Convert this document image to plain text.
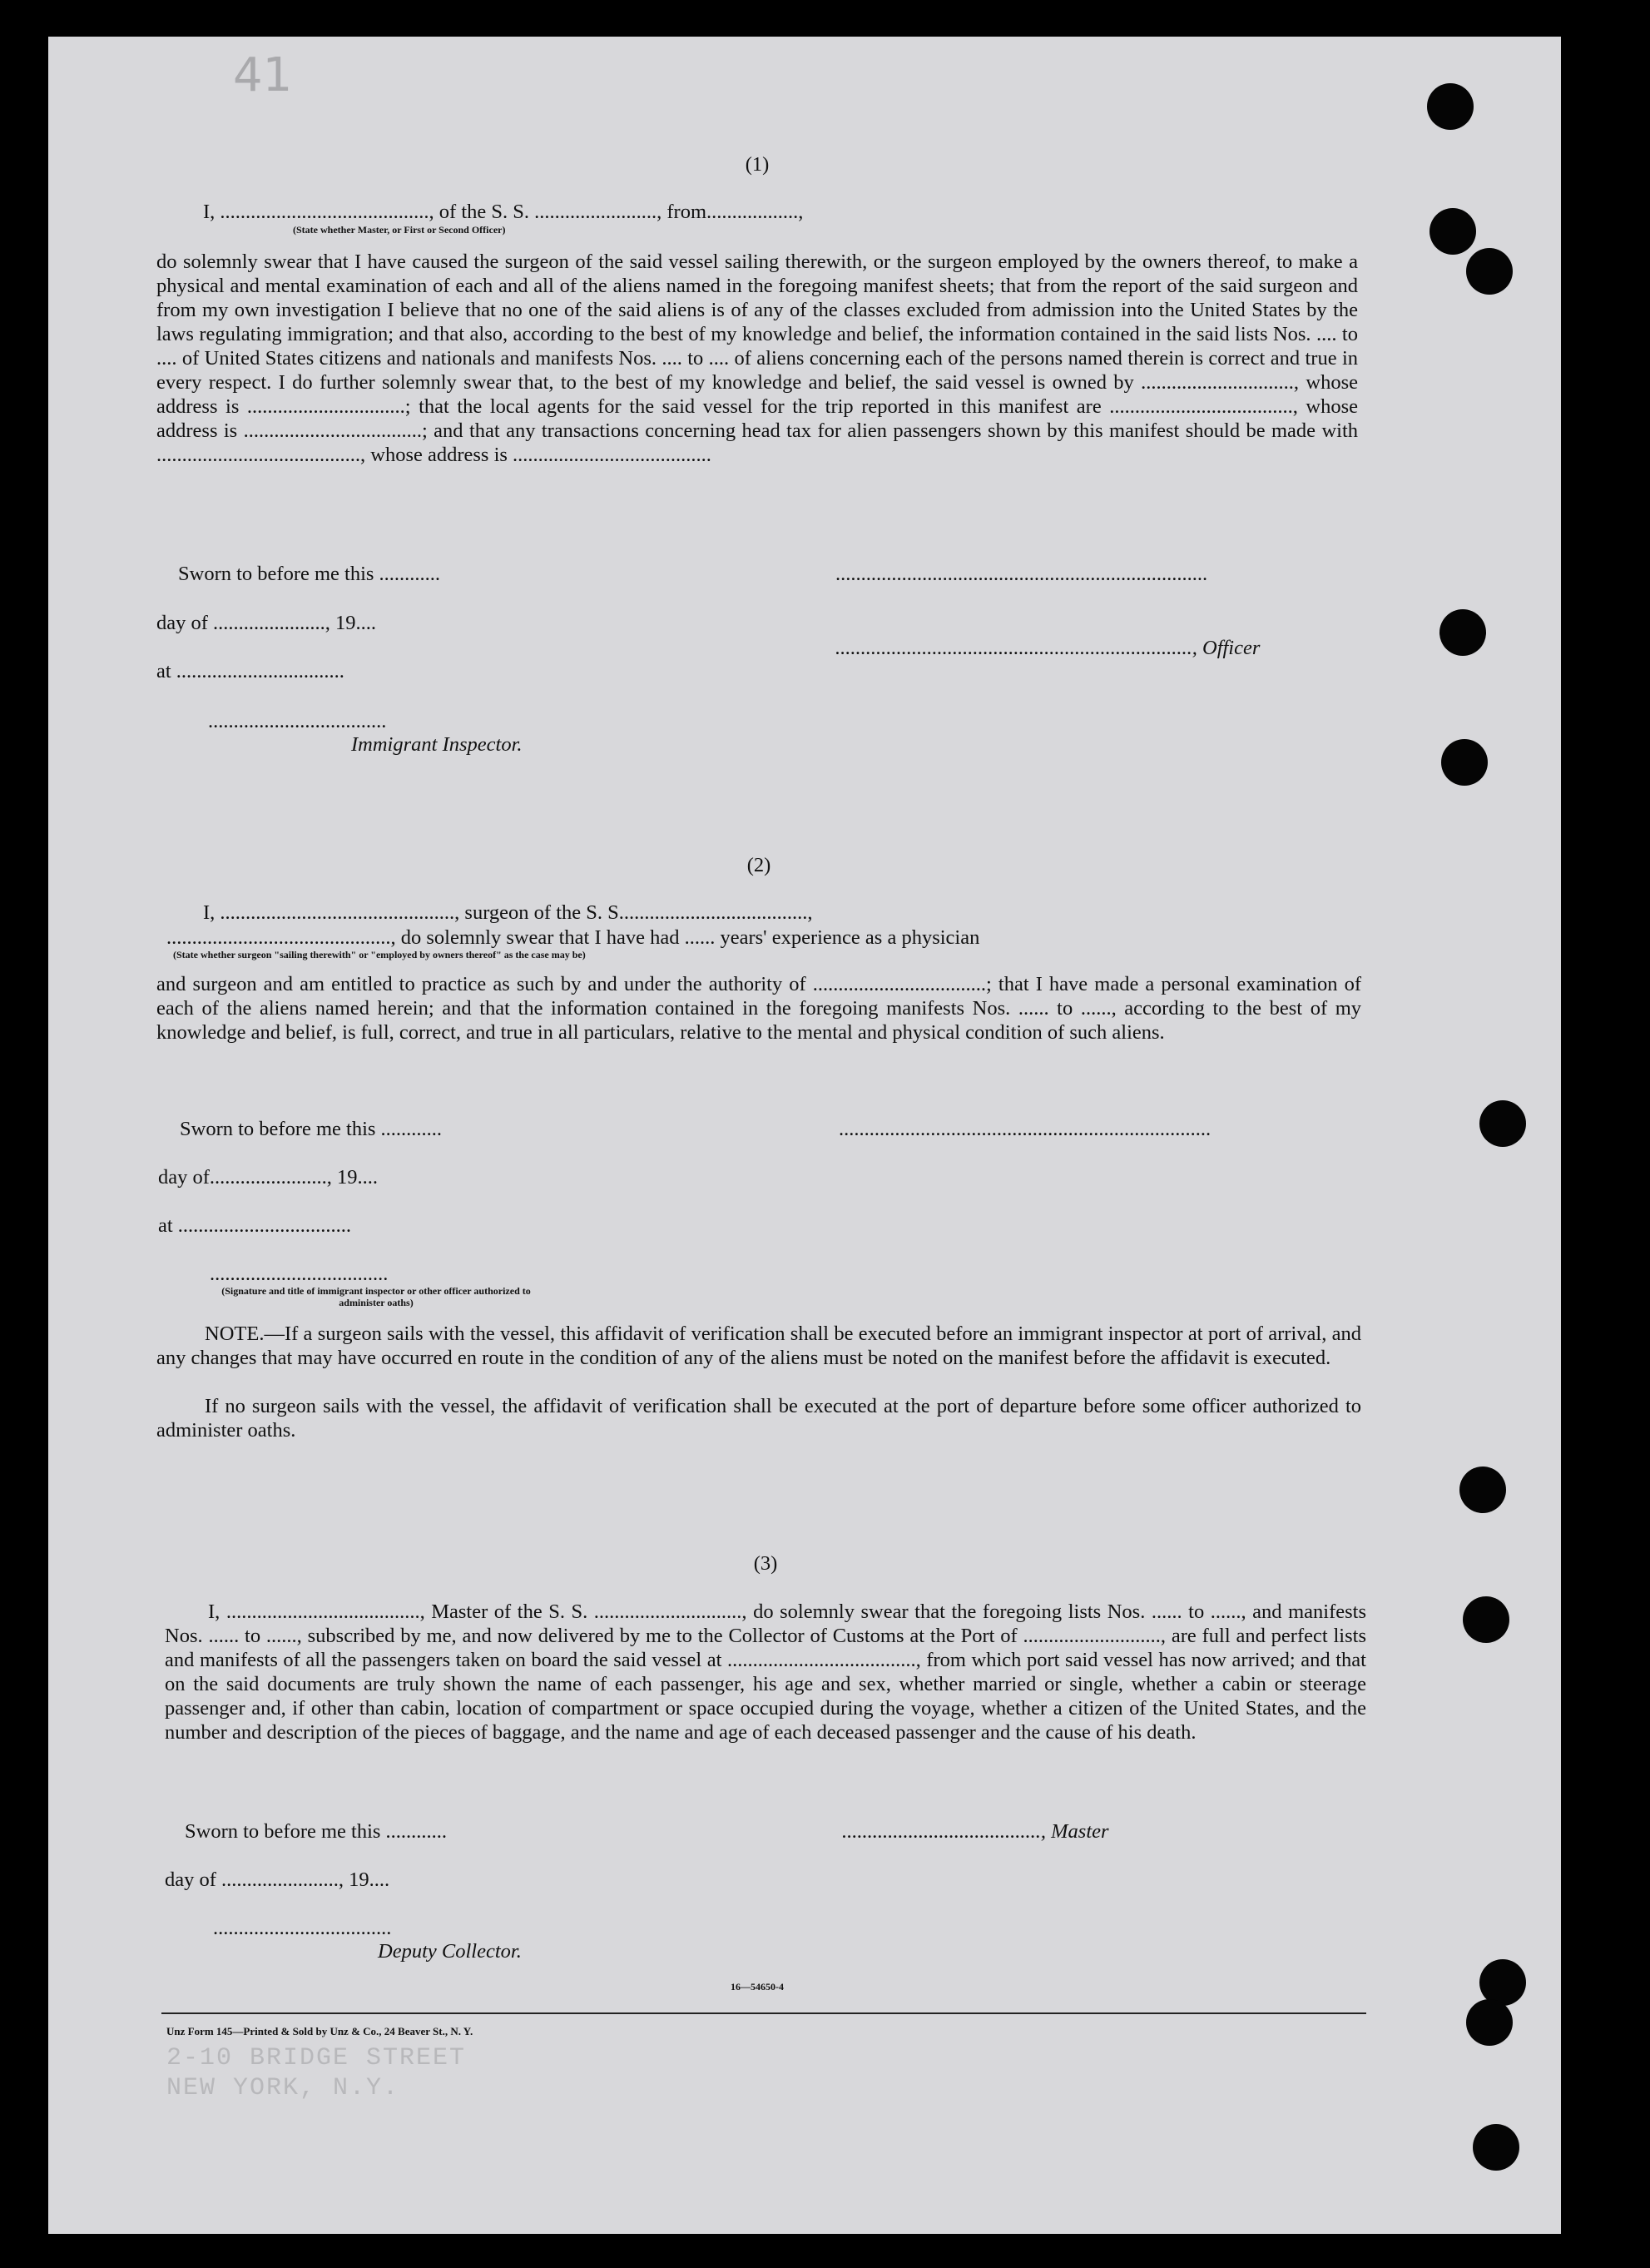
41
(1)
I, ........................................., of the S. S. ........................, from..................,
(State whether Master, or First or Second Officer)
do solemnly swear that I have caused the surgeon of the said vessel sailing therewith, or the surgeon employed by the owners thereof, to make a physical and mental examination of each and all of the aliens named in the foregoing manifest sheets; that from the report of the said surgeon and from my own investigation I believe that no one of the said aliens is of any of the classes excluded from admission into the United States by the laws regulating immigration; and that also, according to the best of my knowledge and belief, the information contained in the said lists Nos. .... to .... of United States citizens and nationals and manifests Nos. .... to .... of aliens concerning each of the persons named therein is correct and true in every respect. I do further solemnly swear that, to the best of my knowledge and belief, the said vessel is owned by .............................., whose address is ...............................; that the local agents for the said vessel for the trip reported in this manifest are ...................................., whose address is ...................................; and that any transactions concerning head tax for alien passengers shown by this manifest should be made with ........................................, whose address is .......................................
Sworn to before me this ............	.........................................................................
day of ......................, 19....
......................................................................, Officer
at .................................
...................................
Immigrant Inspector.
(2)
I, .............................................., surgeon of the S. S.....................................,
............................................, do solemnly swear that I have had ...... years' experience as a physician
(State whether surgeon "sailing therewith" or "employed by owners thereof" as the case may be)
and surgeon and am entitled to practice as such by and under the authority of ..................................; that I have made a personal examination of each of the aliens named herein; and that the information contained in the foregoing manifests Nos. ...... to ......, according to the best of my knowledge and belief, is full, correct, and true in all particulars, relative to the mental and physical condition of such aliens.
Sworn to before me this ............	.........................................................................
day of......................., 19....
at ..................................
...................................
(Signature and title of immigrant inspector or other officer authorized to administer oaths)
NOTE.—If a surgeon sails with the vessel, this affidavit of verification shall be executed before an immigrant inspector at port of arrival, and any changes that may have occurred en route in the condition of any of the aliens must be noted on the manifest before the affidavit is executed.
If no surgeon sails with the vessel, the affidavit of verification shall be executed at the port of departure before some officer authorized to administer oaths.
(3)
I, ......................................, Master of the S. S. ............................., do solemnly swear that the foregoing lists Nos. ...... to ......, and manifests Nos. ...... to ......, subscribed by me, and now delivered by me to the Collector of Customs at the Port of ..........................., are full and perfect lists and manifests of all the passengers taken on board the said vessel at ....................................., from which port said vessel has now arrived; and that on the said documents are truly shown the name of each passenger, his age and sex, whether married or single, whether a cabin or steerage passenger and, if other than cabin, location of compartment or space occupied during the voyage, whether a citizen of the United States, and the number and description of the pieces of baggage, and the name and age of each deceased passenger and the cause of his death.
Sworn to before me this ............	......................................., Master
day of ......................., 19....
...................................
Deputy Collector.
16—54650-4
Unz Form 145—Printed & Sold by Unz & Co., 24 Beaver St., N. Y.
2-10 BRIDGE STREET
NEW YORK, N.Y.
